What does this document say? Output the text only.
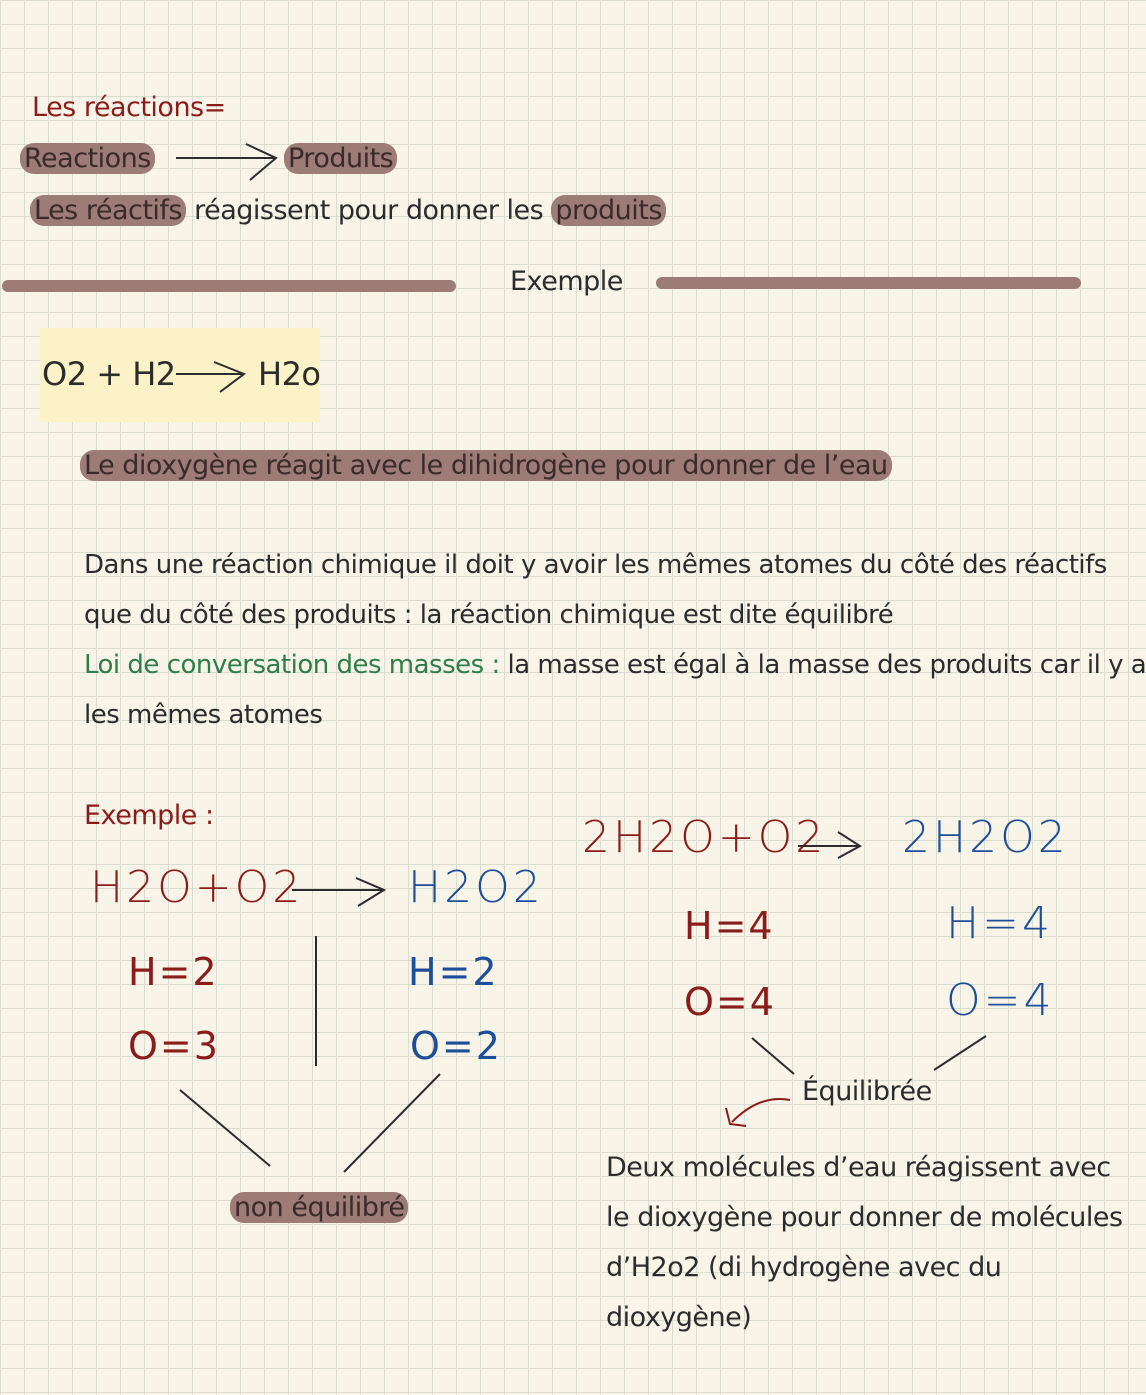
Les réactions=
Reactions	Produits
Les réactifs réagissent pour donner les produits
Exemple
O2 + H2	H2o
Le dioxygène réagit avec le dihidrogène pour donner de l’eau
Dans une réaction chimique il doit y avoir les mêmes atomes du côté des réactifs
que du côté des produits : la réaction chimique est dite équilibré
Loi de conversation des masses : la masse est égal à la masse des produits car il y a
les mêmes atomes
Exemple :
H2O+O2 H2O2
H=2
O=3
H=2
O=2
non équilibré
2H2O+O2 2H2O2
H=4
O=4
H=4
O=4
Équilibrée
Deux molécules d’eau réagissent avec
le dioxygène pour donner de molécules
d’H2o2 (di hydrogène avec du
dioxygène)
